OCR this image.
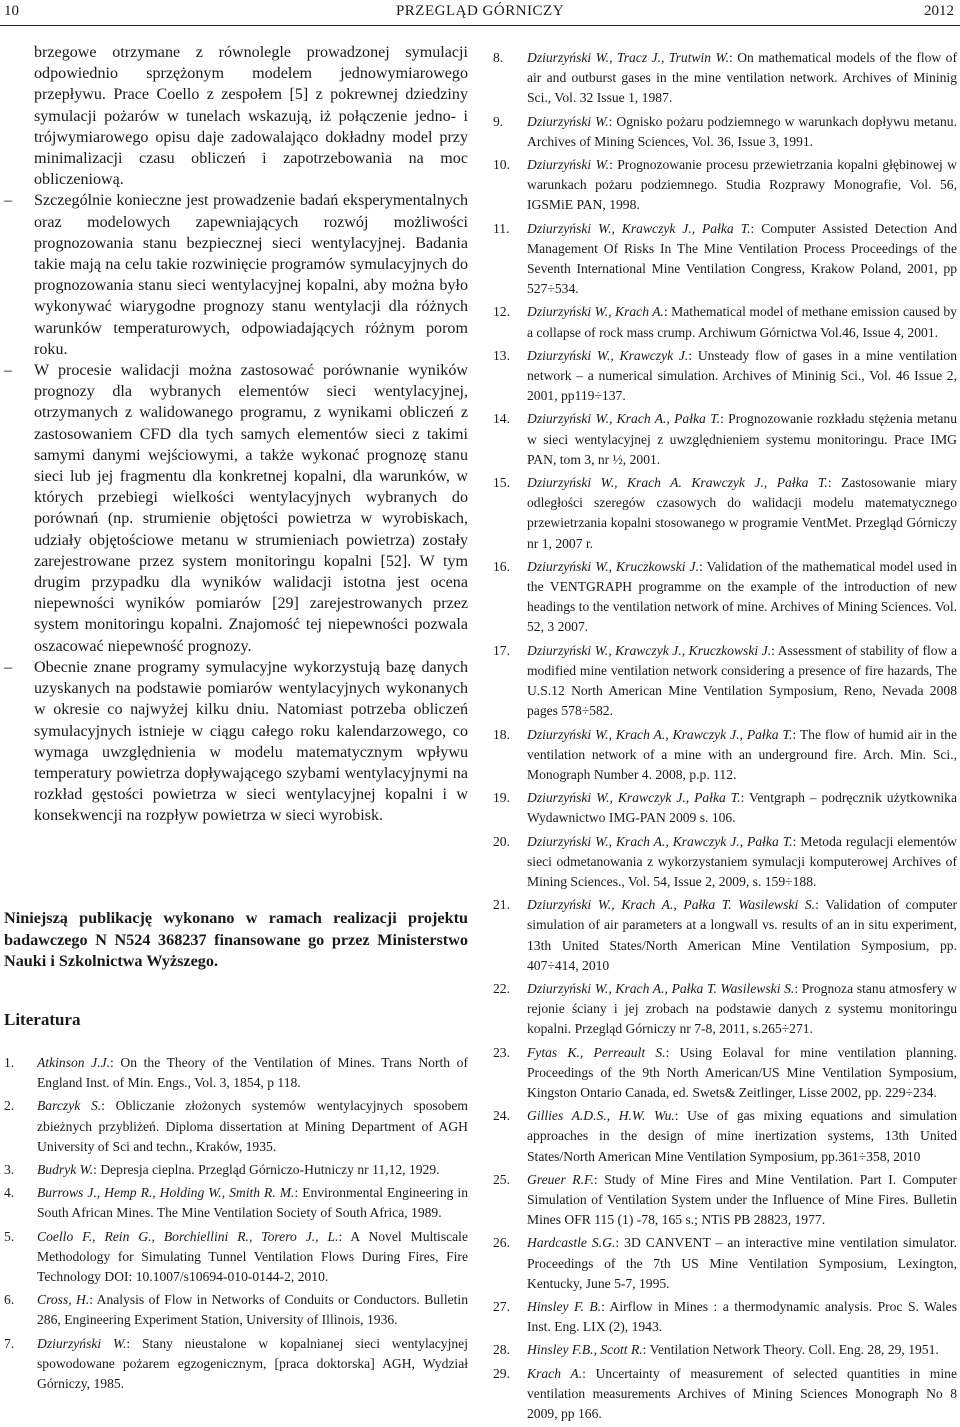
10	PRZEGLĄD GÓRNICZY	2012

brzegowe otrzymane z równolegle prowadzonej symulacji odpowiednio sprzężonym modelem jednowymiarowego przepływu. Prace Coello z zespołem [5] z pokrewnej dziedziny symulacji pożarów w tunelach wskazują, iż połączenie jedno- i trójwymiarowego opisu daje zadowalająco dokładny model przy minimalizacji czasu obliczeń i zapotrzebowania na moc obliczeniową.

– Szczególnie konieczne jest prowadzenie badań eksperymentalnych oraz modelowych zapewniających rozwój możliwości prognozowania stanu bezpiecznej sieci wentylacyjnej. Badania takie mają na celu takie rozwinięcie programów symulacyjnych do prognozowania stanu sieci wentylacyjnej kopalni, aby można było wykonywać wiarygodne prognozy stanu wentylacji dla różnych warunków temperaturowych, odpowiadających różnym porom roku.

– W procesie walidacji można zastosować porównanie wyników prognozy dla wybranych elementów sieci wentylacyjnej, otrzymanych z walidowanego programu, z wynikami obliczeń z zastosowaniem CFD dla tych samych elementów sieci z takimi samymi danymi wejściowymi, a także wykonać prognozę stanu sieci lub jej fragmentu dla konkretnej kopalni, dla warunków, w których przebiegi wielkości wentylacyjnych wybranych do porównań (np. strumienie objętości powietrza w wyrobiskach, udziały objętościowe metanu w strumieniach powietrza) zostały zarejestrowane przez system monitoringu kopalni [52]. W tym drugim przypadku dla wyników walidacji istotna jest ocena niepewności wyników pomiarów [29] zarejestrowanych przez system monitoringu kopalni. Znajomość tej niepewności pozwala oszacować niepewność prognozy.

– Obecnie znane programy symulacyjne wykorzystują bazę danych uzyskanych na podstawie pomiarów wentylacyjnych wykonanych w okresie co najwyżej kilku dniu. Natomiast potrzeba obliczeń symulacyjnych istnieje w ciągu całego roku kalendarzowego, co wymaga uwzględnienia w modelu matematycznym wpływu temperatury powietrza dopływającego szybami wentylacyjnymi na rozkład gęstości powietrza w sieci wentylacyjnej kopalni i w konsekwencji na rozpływ powietrza w sieci wyrobisk.

Niniejszą publikację wykonano w ramach realizacji projektu badawczego N N524 368237 finansowane go przez Ministerstwo Nauki i Szkolnictwa Wyższego.

Literatura
1. Atkinson J.J.: On the Theory of the Ventilation of Mines. Trans North of England Inst. of Min. Engs., Vol. 3, 1854, p 118.
2. Barczyk S.: Obliczanie złożonych systemów wentylacyjnych sposobem zbieżnych przybliżeń. Diploma dissertation at Mining Department of AGH University of Sci and techn., Kraków, 1935.
3. Budryk W.: Depresja cieplna. Przegląd Górniczo-Hutniczy nr 11,12, 1929.
4. Burrows J., Hemp R., Holding W., Smith R. M.: Environmental Engineering in South African Mines. The Mine Ventilation Society of South Africa, 1989.
5. Coello F., Rein G., Borchiellini R., Torero J., L.: A Novel Multiscale Methodology for Simulating Tunnel Ventilation Flows During Fires, Fire Technology DOI: 10.1007/s10694-010-0144-2, 2010.
6. Cross, H.: Analysis of Flow in Networks of Conduits or Conductors. Bulletin 286, Engineering Experiment Station, University of Illinois, 1936.
7. Dziurzyński W.: Stany nieustalone w kopalnianej sieci wentylacyjnej spowodowane pożarem egzogenicznym, [praca doktorska] AGH, Wydział Górniczy, 1985.
8. Dziurzyński W., Tracz J., Trutwin W.: On mathematical models of the flow of air and outburst gases in the mine ventilation network. Archives of Mininig Sci., Vol. 32 Issue 1, 1987.
9. Dziurzyński W.: Ognisko pożaru podziemnego w warunkach dopływu metanu. Archives of Mining Sciences, Vol. 36, Issue 3, 1991.
10. Dziurzyński W.: Prognozowanie procesu przewietrzania kopalni głębinowej w warunkach pożaru podziemnego. Studia Rozprawy Monografie, Vol. 56, IGSMiE PAN, 1998.
11. Dziurzyński W., Krawczyk J., Pałka T.: Computer Assisted Detection And Management Of Risks In The Mine Ventilation Process Proceedings of the Seventh International Mine Ventilation Congress, Krakow Poland, 2001, pp 527÷534.
12. Dziurzyński W., Krach A.: Mathematical model of methane emission caused by a collapse of rock mass crump. Archiwum Górnictwa Vol.46, Issue 4, 2001.
13. Dziurzyński W., Krawczyk J.: Unsteady flow of gases in a mine ventilation network – a numerical simulation. Archives of Mininig Sci., Vol. 46 Issue 2, 2001, pp119÷137.
14. Dziurzyński W., Krach A., Pałka T.: Prognozowanie rozkładu stężenia metanu w sieci wentylacyjnej z uwzględnieniem systemu monitoringu. Prace IMG PAN, tom 3, nr ½, 2001.
15. Dziurzyński W., Krach A. Krawczyk J., Pałka T.: Zastosowanie miary odległości szeregów czasowych do walidacji modelu matematycznego przewietrzania kopalni stosowanego w programie VentMet. Przegląd Górniczy nr 1, 2007 r.
16. Dziurzyński W., Kruczkowski J.: Validation of the mathematical model used in the VENTGRAPH programme on the example of the introduction of new headings to the ventilation network of mine. Archives of Mining Sciences. Vol. 52, 3 2007.
17. Dziurzyński W., Krawczyk J., Kruczkowski J.: Assessment of stability of flow a modified mine ventilation network considering a presence of fire hazards, The U.S.12 North American Mine Ventilation Symposium, Reno, Nevada 2008 pages 578÷582.
18. Dziurzyński W., Krach A., Krawczyk J., Pałka T.: The flow of humid air in the ventilation network of a mine with an underground fire. Arch. Min. Sci., Monograph Number 4. 2008, p.p. 112.
19. Dziurzyński W., Krawczyk J., Pałka T.: Ventgraph – podręcznik użytkownika Wydawnictwo IMG-PAN 2009 s. 106.
20. Dziurzyński W., Krach A., Krawczyk J., Pałka T.: Metoda regulacji elementów sieci odmetanowania z wykorzystaniem symulacji komputerowej Archives of Mining Sciences., Vol. 54, Issue 2, 2009, s. 159÷188.
21. Dziurzyński W., Krach A., Pałka T. Wasilewski S.: Validation of computer simulation of air parameters at a longwall vs. results of an in situ experiment, 13th United States/North American Mine Ventilation Symposium, pp. 407÷414, 2010
22. Dziurzyński W., Krach A., Pałka T. Wasilewski S.: Prognoza stanu atmosfery w rejonie ściany i jej zrobach na podstawie danych z systemu monitoringu kopalni. Przegląd Górniczy nr 7-8, 2011, s.265÷271.
23. Fytas K., Perreault S.: Using Eolaval for mine ventilation planning. Proceedings of the 9th North American/US Mine Ventilation Symposium, Kingston Ontario Canada, ed. Swets& Zeitlinger, Lisse 2002, pp. 229÷234.
24. Gillies A.D.S., H.W. Wu.: Use of gas mixing equations and simulation approaches in the design of mine inertization systems, 13th United States/North American Mine Ventilation Symposium, pp.361÷358, 2010
25. Greuer R.F.: Study of Mine Fires and Mine Ventilation. Part I. Computer Simulation of Ventilation System under the Influence of Mine Fires. Bulletin Mines OFR 115 (1) -78, 165 s.; NTiS PB 28823, 1977.
26. Hardcastle S.G.: 3D CANVENT – an interactive mine ventilation simulator. Proceedings of the 7th US Mine Ventilation Symposium, Lexington, Kentucky, June 5-7, 1995.
27. Hinsley F. B.: Airflow in Mines : a thermodynamic analysis. Proc S. Wales Inst. Eng. LIX (2), 1943.
28. Hinsley F.B., Scott R.: Ventilation Network Theory. Coll. Eng. 28, 29, 1951.
29. Krach A.: Uncertainty of measurement of selected quantities in mine ventilation measurements Archives of Mining Sciences Monograph No 8 2009, pp 166.
